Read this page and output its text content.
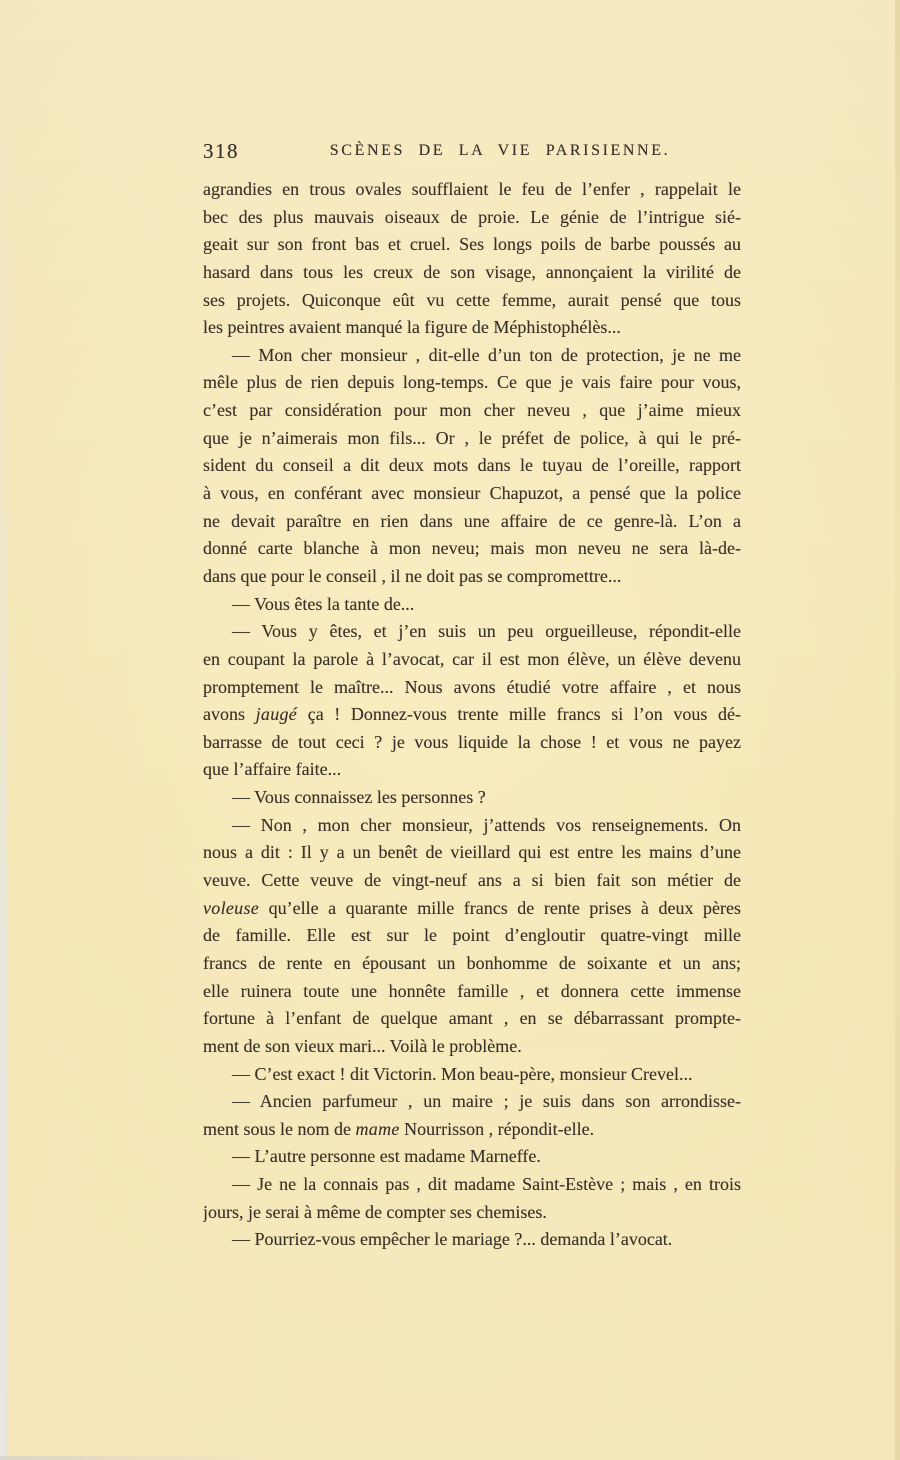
318	SCÈNES DE LA VIE PARISIENNE.
agrandies en trous ovales soufflaient le feu de l’enfer , rappelait le
bec des plus mauvais oiseaux de proie. Le génie de l’intrigue sié-
geait sur son front bas et cruel. Ses longs poils de barbe poussés au
hasard dans tous les creux de son visage, annonçaient la virilité de
ses projets. Quiconque eût vu cette femme, aurait pensé que tous
les peintres avaient manqué la figure de Méphistophélès...
— Mon cher monsieur , dit-elle d’un ton de protection, je ne me
mêle plus de rien depuis long-temps. Ce que je vais faire pour vous,
c’est par considération pour mon cher neveu , que j’aime mieux
que je n’aimerais mon fils... Or , le préfet de police, à qui le pré-
sident du conseil a dit deux mots dans le tuyau de l’oreille, rapport
à vous, en conférant avec monsieur Chapuzot, a pensé que la police
ne devait paraître en rien dans une affaire de ce genre-là. L’on a
donné carte blanche à mon neveu; mais mon neveu ne sera là-de-
dans que pour le conseil , il ne doit pas se compromettre...
— Vous êtes la tante de...
— Vous y êtes, et j’en suis un peu orgueilleuse, répondit-elle
en coupant la parole à l’avocat, car il est mon élève, un élève devenu
promptement le maître... Nous avons étudié votre affaire , et nous
avons jaugé ça ! Donnez-vous trente mille francs si l’on vous dé-
barrasse de tout ceci ? je vous liquide la chose ! et vous ne payez
que l’affaire faite...
— Vous connaissez les personnes ?
— Non , mon cher monsieur, j’attends vos renseignements. On
nous a dit : Il y a un benêt de vieillard qui est entre les mains d’une
veuve. Cette veuve de vingt-neuf ans a si bien fait son métier de
voleuse qu’elle a quarante mille francs de rente prises à deux pères
de famille. Elle est sur le point d’engloutir quatre-vingt mille
francs de rente en épousant un bonhomme de soixante et un ans;
elle ruinera toute une honnête famille , et donnera cette immense
fortune à l’enfant de quelque amant , en se débarrassant prompte-
ment de son vieux mari... Voilà le problème.
— C’est exact ! dit Victorin. Mon beau-père, monsieur Crevel...
— Ancien parfumeur , un maire ; je suis dans son arrondisse-
ment sous le nom de mame Nourrisson , répondit-elle.
— L’autre personne est madame Marneffe.
— Je ne la connais pas , dit madame Saint-Estève ; mais , en trois
jours, je serai à même de compter ses chemises.
— Pourriez-vous empêcher le mariage ?... demanda l’avocat.
